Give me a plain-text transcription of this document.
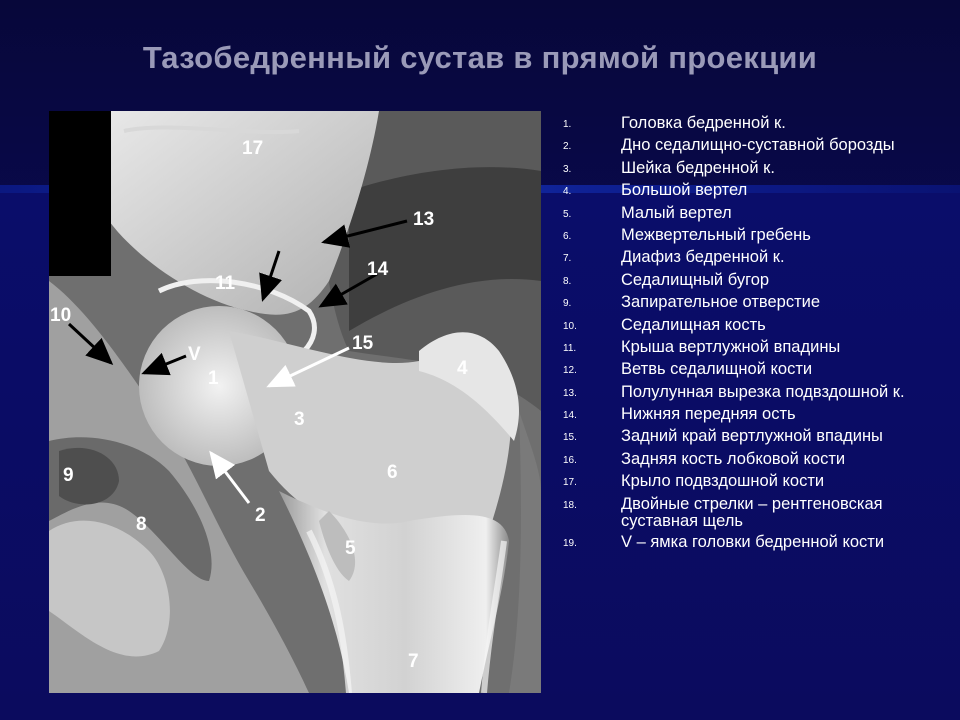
Тазобедренный сустав в прямой проекции
17
13
14
11
10
V
15
1	4
3
9	6
2
8
5
7
1.	Головка бедренной к.
2.	Дно седалищно-суставной борозды
3.	Шейка бедренной к.
4.	Большой вертел
5.	Малый вертел
6.	Межвертельный гребень
7.	Диафиз бедренной к.
8.	Седалищный бугор
9.	Запирательное отверстие
10.	Седалищная кость
11.	Крыша вертлужной впадины
12.	Ветвь седалищной кости
13.	Полулунная вырезка подвздошной к.
14.	Нижняя передняя ость
15.	Задний край вертлужной впадины
16.	Задняя кость лобковой кости
17.	Крыло подвздошной кости
18.	Двойные стрелки – рентгеновская суставная щель
19.	V – ямка головки бедренной кости
